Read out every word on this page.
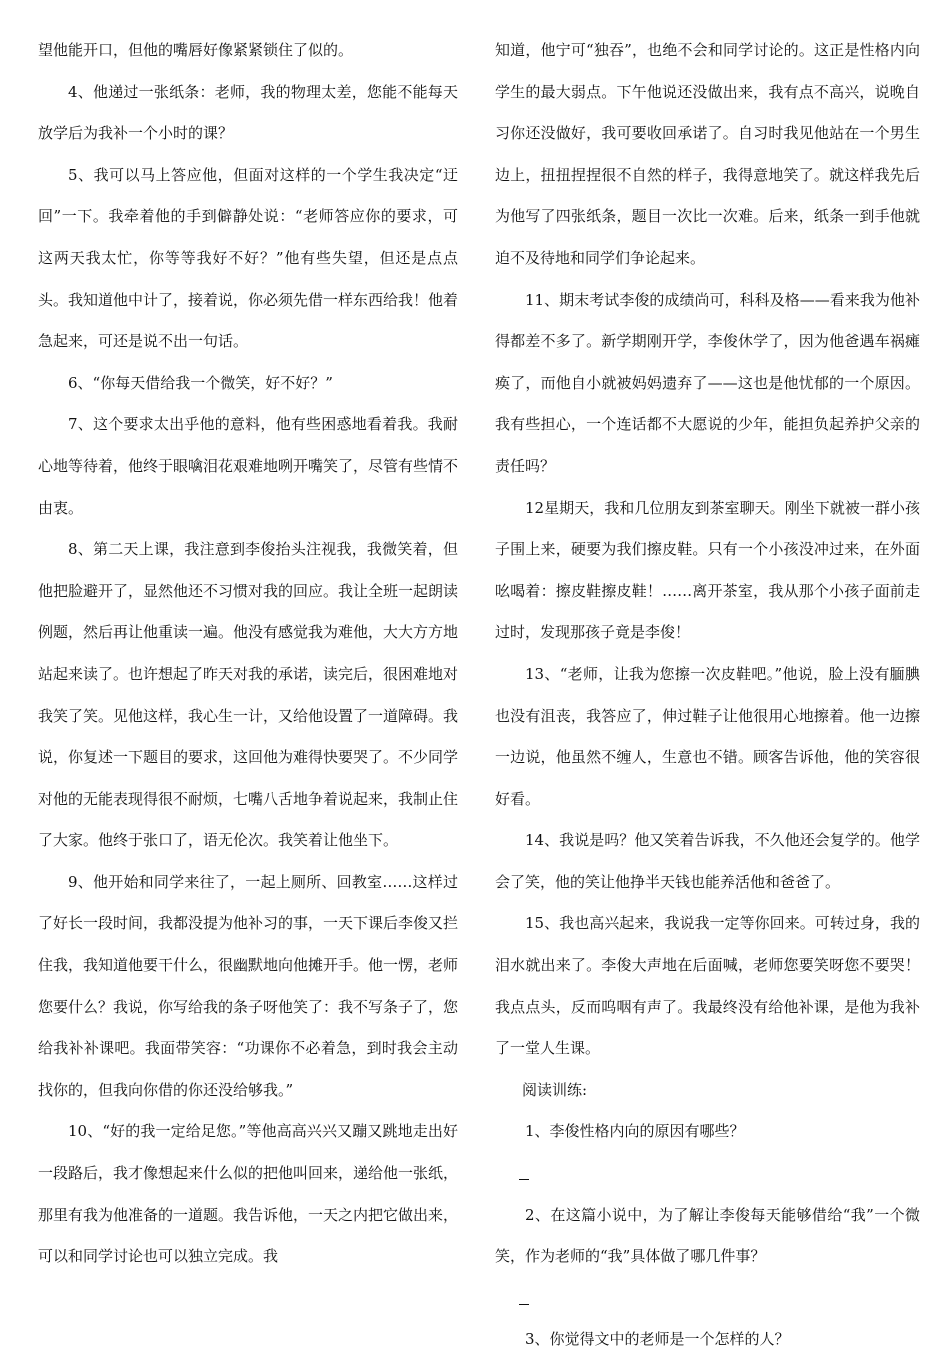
望他能开口，但他的嘴唇好像紧紧锁住了似的。

4、他递过一张纸条：老师，我的物理太差，您能不能每天放学后为我补一个小时的课？

5、我可以马上答应他，但面对这样的一个学生我决定“迂回”一下。我牵着他的手到僻静处说：“老师答应你的要求，可这两天我太忙，你等等我好不好？”他有些失望，但还是点点头。我知道他中计了，接着说，你必须先借一样东西给我！他着急起来，可还是说不出一句话。

6、“你每天借给我一个微笑，好不好？”

7、这个要求太出乎他的意料，他有些困惑地看着我。我耐心地等待着，他终于眼噙泪花艰难地咧开嘴笑了，尽管有些情不由衷。

8、第二天上课，我注意到李俊抬头注视我，我微笑着，但他把脸避开了，显然他还不习惯对我的回应。我让全班一起朗读例题，然后再让他重读一遍。他没有感觉我为难他，大大方方地站起来读了。也许想起了昨天对我的承诺，读完后，很困难地对我笑了笑。见他这样，我心生一计，又给他设置了一道障碍。我说，你复述一下题目的要求，这回他为难得快要哭了。不少同学对他的无能表现得很不耐烦，七嘴八舌地争着说起来，我制止住了大家。他终于张口了，语无伦次。我笑着让他坐下。

9、他开始和同学来往了，一起上厕所、回教室……这样过了好长一段时间，我都没提为他补习的事，一天下课后李俊又拦住我，我知道他要干什么，很幽默地向他摊开手。他一愣，老师您要什么？我说，你写给我的条子呀他笑了：我不写条子了，您给我补补课吧。我面带笑容：“功课你不必着急，到时我会主动找你的，但我向你借的你还没给够我。”

10、“好的我一定给足您。”等他高高兴兴又蹦又跳地走出好一段路后，我才像想起来什么似的把他叫回来，递给他一张纸，那里有我为他准备的一道题。我告诉他，一天之内把它做出来，可以和同学讨论也可以独立完成。我

知道，他宁可“独吞”，也绝不会和同学讨论的。这正是性格内向学生的最大弱点。下午他说还没做出来，我有点不高兴，说晚自习你还没做好，我可要收回承诺了。自习时我见他站在一个男生边上，扭扭捏捏很不自然的样子，我得意地笑了。就这样我先后为他写了四张纸条，题目一次比一次难。后来，纸条一到手他就迫不及待地和同学们争论起来。

11、期末考试李俊的成绩尚可，科科及格——看来我为他补得都差不多了。新学期刚开学，李俊休学了，因为他爸遇车祸瘫痪了，而他自小就被妈妈遗弃了——这也是他忧郁的一个原因。我有些担心，一个连话都不大愿说的少年，能担负起养护父亲的责任吗？

12星期天，我和几位朋友到茶室聊天。刚坐下就被一群小孩子围上来，硬要为我们擦皮鞋。只有一个小孩没冲过来，在外面吆喝着：擦皮鞋擦皮鞋！……离开茶室，我从那个小孩子面前走过时，发现那孩子竟是李俊！

13、“老师，让我为您擦一次皮鞋吧。”他说，脸上没有腼腆也没有沮丧，我答应了，伸过鞋子让他很用心地擦着。他一边擦一边说，他虽然不缠人，生意也不错。顾客告诉他，他的笑容很好看。

14、我说是吗？他又笑着告诉我，不久他还会复学的。他学会了笑，他的笑让他挣半天钱也能养活他和爸爸了。

15、我也高兴起来，我说我一定等你回来。可转过身，我的泪水就出来了。李俊大声地在后面喊，老师您要笑呀您不要哭！我点点头，反而呜咽有声了。我最终没有给他补课，是他为我补了一堂人生课。

阅读训练:

1、李俊性格内向的原因有哪些？

2、在这篇小说中，为了解让李俊每天能够借给“我”一个微笑，作为老师的“我”具体做了哪几件事？

3、你觉得文中的老师是一个怎样的人？
